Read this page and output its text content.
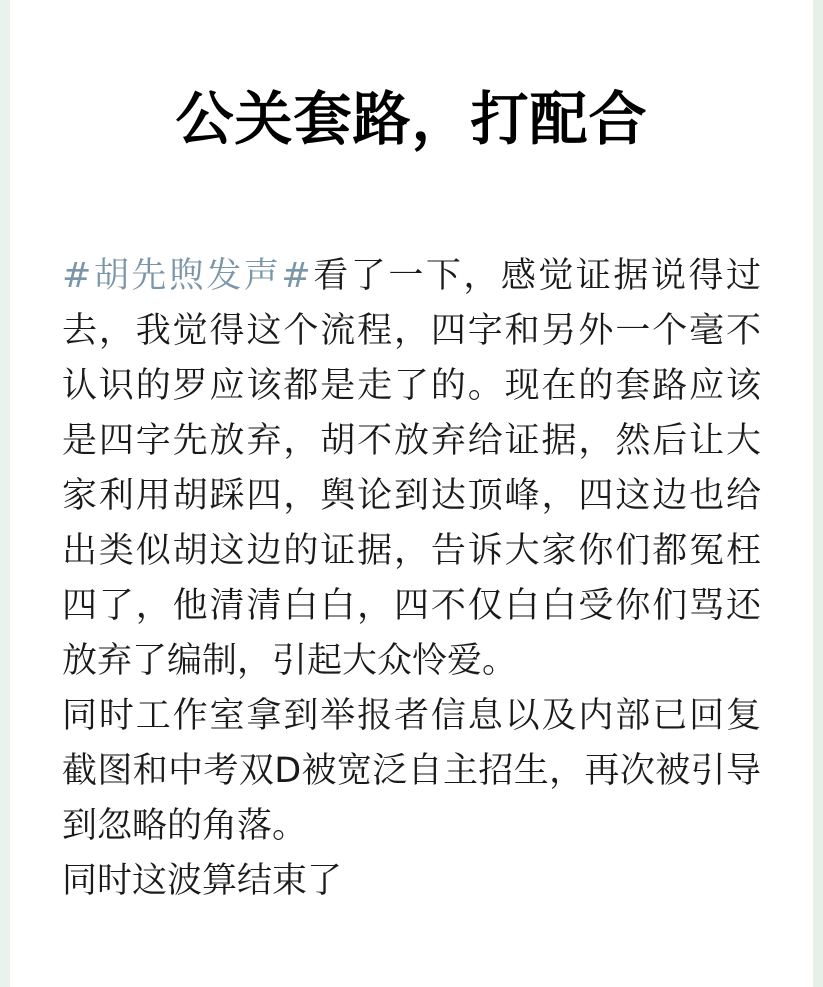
公关套路，打配合

#胡先煦发声#看了一下，感觉证据说得过去，我觉得这个流程，四字和另外一个毫不认识的罗应该都是走了的。现在的套路应该是四字先放弃，胡不放弃给证据，然后让大家利用胡踩四，舆论到达顶峰，四这边也给出类似胡这边的证据，告诉大家你们都冤枉四了，他清清白白，四不仅白白受你们骂还放弃了编制，引起大众怜爱。

同时工作室拿到举报者信息以及内部已回复截图和中考双D被宽泛自主招生，再次被引导到忽略的角落。

同时这波算结束了
